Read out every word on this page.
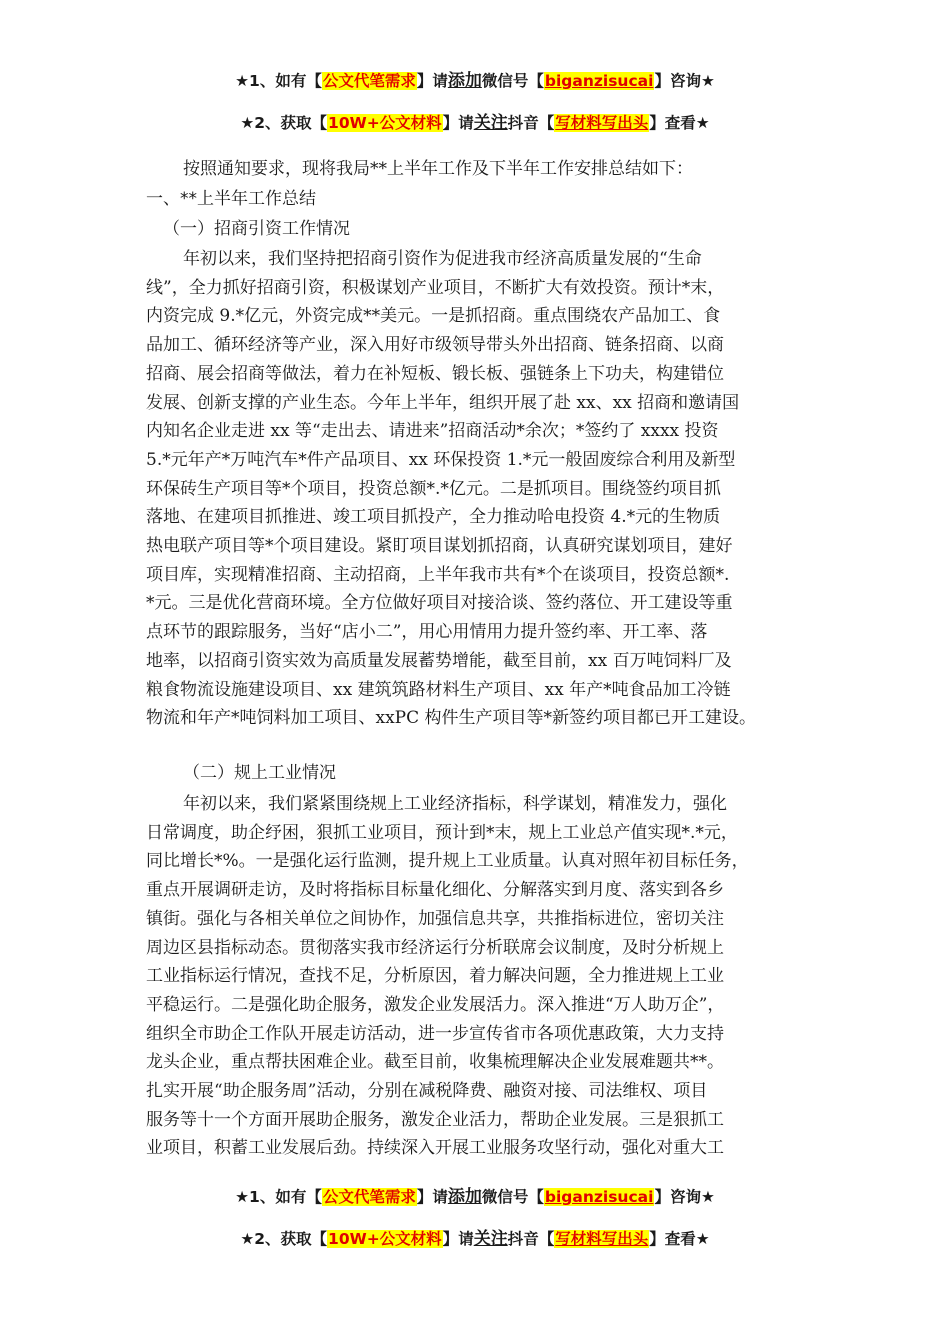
★1、如有【公文代笔需求】请添加微信号【biganzisucai】咨询★
★2、获取【10W+公文材料】请关注抖音【写材料写出头】查看★
按照通知要求，现将我局**上半年工作及下半年工作安排总结如下：
一、**上半年工作总结
（一）招商引资工作情况
年初以来，我们坚持把招商引资作为促进我市经济高质量发展的“生命
线”，全力抓好招商引资，积极谋划产业项目，不断扩大有效投资。预计*末，
内资完成 9.*亿元，外资完成**美元。一是抓招商。重点围绕农产品加工、食
品加工、循环经济等产业，深入用好市级领导带头外出招商、链条招商、以商
招商、展会招商等做法，着力在补短板、锻长板、强链条上下功夫，构建错位
发展、创新支撑的产业生态。今年上半年，组织开展了赴 xx、xx 招商和邀请国
内知名企业走进 xx 等“走出去、请进来”招商活动*余次；*签约了 xxxx 投资
5.*元年产*万吨汽车*件产品项目、xx 环保投资 1.*元一般固废综合利用及新型
环保砖生产项目等*个项目，投资总额*.*亿元。二是抓项目。围绕签约项目抓
落地、在建项目抓推进、竣工项目抓投产，全力推动哈电投资 4.*元的生物质
热电联产项目等*个项目建设。紧盯项目谋划抓招商，认真研究谋划项目，建好
项目库，实现精准招商、主动招商，上半年我市共有*个在谈项目，投资总额*.
*元。三是优化营商环境。全方位做好项目对接洽谈、签约落位、开工建设等重
点环节的跟踪服务，当好“店小二”，用心用情用力提升签约率、开工率、落
地率，以招商引资实效为高质量发展蓄势增能，截至目前，xx 百万吨饲料厂及
粮食物流设施建设项目、xx 建筑筑路材料生产项目、xx 年产*吨食品加工冷链
物流和年产*吨饲料加工项目、xxPC 构件生产项目等*新签约项目都已开工建设。
（二）规上工业情况
年初以来，我们紧紧围绕规上工业经济指标，科学谋划，精准发力，强化
日常调度，助企纾困，狠抓工业项目，预计到*末，规上工业总产值实现*.*元，
同比增长*%。一是强化运行监测，提升规上工业质量。认真对照年初目标任务，
重点开展调研走访，及时将指标目标量化细化、分解落实到月度、落实到各乡
镇街。强化与各相关单位之间协作，加强信息共享，共推指标进位，密切关注
周边区县指标动态。贯彻落实我市经济运行分析联席会议制度，及时分析规上
工业指标运行情况，查找不足，分析原因，着力解决问题，全力推进规上工业
平稳运行。二是强化助企服务，激发企业发展活力。深入推进“万人助万企”，
组织全市助企工作队开展走访活动，进一步宣传省市各项优惠政策，大力支持
龙头企业，重点帮扶困难企业。截至目前，收集梳理解决企业发展难题共**。
扎实开展“助企服务周”活动，分别在减税降费、融资对接、司法维权、项目
服务等十一个方面开展助企服务，激发企业活力，帮助企业发展。三是狠抓工
业项目，积蓄工业发展后劲。持续深入开展工业服务攻坚行动，强化对重大工
★1、如有【公文代笔需求】请添加微信号【biganzisucai】咨询★
★2、获取【10W+公文材料】请关注抖音【写材料写出头】查看★
